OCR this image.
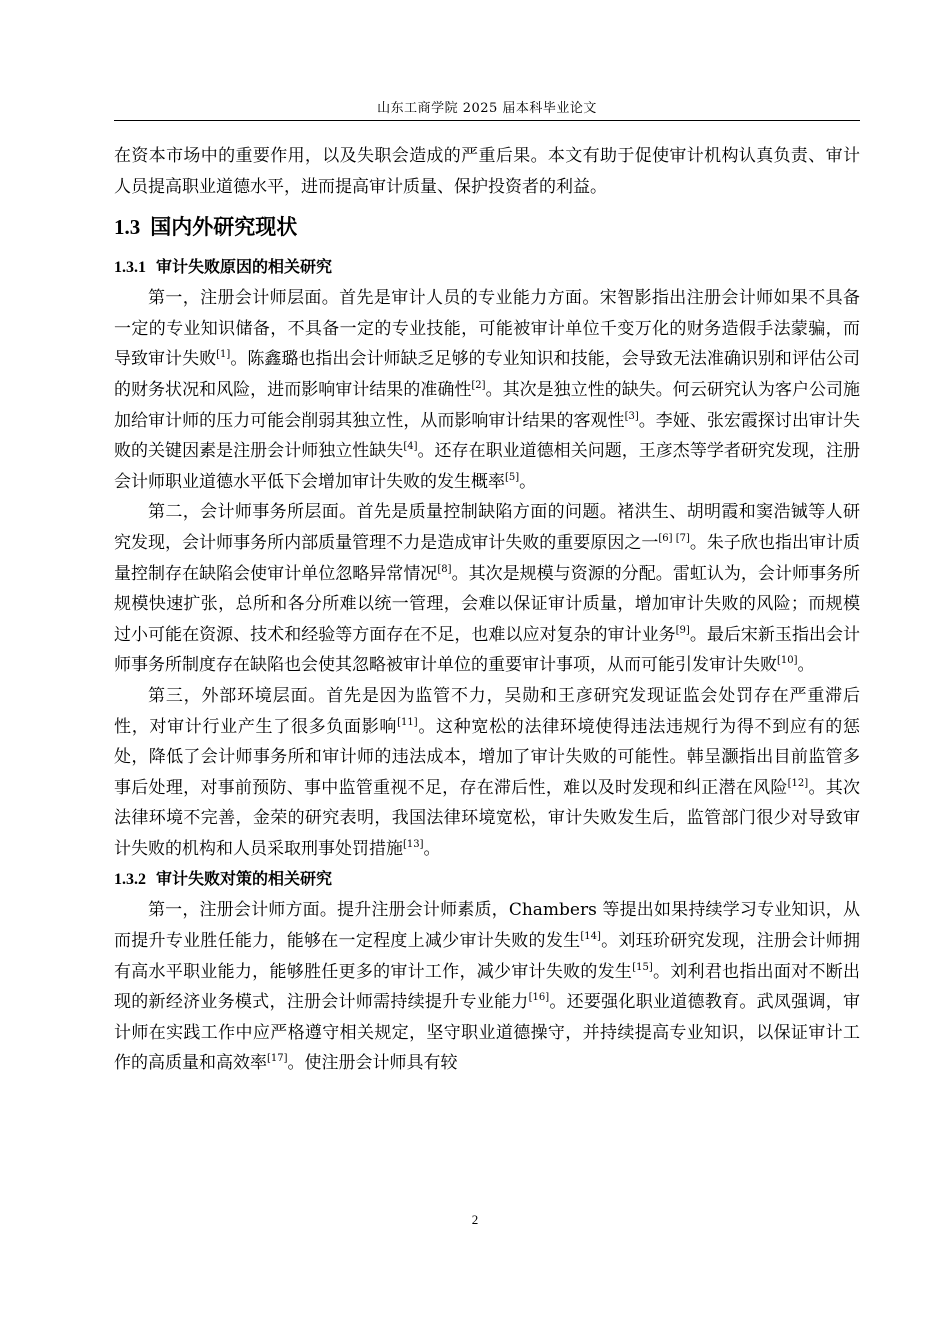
山东工商学院 2025 届本科毕业论文

在资本市场中的重要作用，以及失职会造成的严重后果。本文有助于促使审计机构认真负责、审计人员提高职业道德水平，进而提高审计质量、保护投资者的利益。

1.3 国内外研究现状
1.3.1 审计失败原因的相关研究

第一，注册会计师层面。首先是审计人员的专业能力方面。宋智影指出注册会计师如果不具备一定的专业知识储备，不具备一定的专业技能，可能被审计单位千变万化的财务造假手法蒙骗，而导致审计失败[1]。陈鑫璐也指出会计师缺乏足够的专业知识和技能，会导致无法准确识别和评估公司的财务状况和风险，进而影响审计结果的准确性[2]。其次是独立性的缺失。何云研究认为客户公司施加给审计师的压力可能会削弱其独立性，从而影响审计结果的客观性[3]。李娅、张宏霞探讨出审计失败的关键因素是注册会计师独立性缺失[4]。还存在职业道德相关问题，王彦杰等学者研究发现，注册会计师职业道德水平低下会增加审计失败的发生概率[5]。

第二，会计师事务所层面。首先是质量控制缺陷方面的问题。褚洪生、胡明霞和窦浩铖等人研究发现，会计师事务所内部质量管理不力是造成审计失败的重要原因之一[6] [7]。朱子欣也指出审计质量控制存在缺陷会使审计单位忽略异常情况[8]。其次是规模与资源的分配。雷虹认为，会计师事务所规模快速扩张，总所和各分所难以统一管理，会难以保证审计质量，增加审计失败的风险；而规模过小可能在资源、技术和经验等方面存在不足，也难以应对复杂的审计业务[9]。最后宋新玉指出会计师事务所制度存在缺陷也会使其忽略被审计单位的重要审计事项，从而可能引发审计失败[10]。

第三，外部环境层面。首先是因为监管不力，吴勋和王彦研究发现证监会处罚存在严重滞后性，对审计行业产生了很多负面影响[11]。这种宽松的法律环境使得违法违规行为得不到应有的惩处，降低了会计师事务所和审计师的违法成本，增加了审计失败的可能性。韩呈灏指出目前监管多事后处理，对事前预防、事中监管重视不足，存在滞后性，难以及时发现和纠正潜在风险[12]。其次法律环境不完善，金荣的研究表明，我国法律环境宽松，审计失败发生后，监管部门很少对导致审计失败的机构和人员采取刑事处罚措施[13]。

1.3.2 审计失败对策的相关研究

第一，注册会计师方面。提升注册会计师素质，Chambers 等提出如果持续学习专业知识，从而提升专业胜任能力，能够在一定程度上减少审计失败的发生[14]。刘珏玠研究发现，注册会计师拥有高水平职业能力，能够胜任更多的审计工作，减少审计失败的发生[15]。刘利君也指出面对不断出现的新经济业务模式，注册会计师需持续提升专业能力[16]。还要强化职业道德教育。武凤强调，审计师在实践工作中应严格遵守相关规定，坚守职业道德操守，并持续提高专业知识，以保证审计工作的高质量和高效率[17]。使注册会计师具有较

2
